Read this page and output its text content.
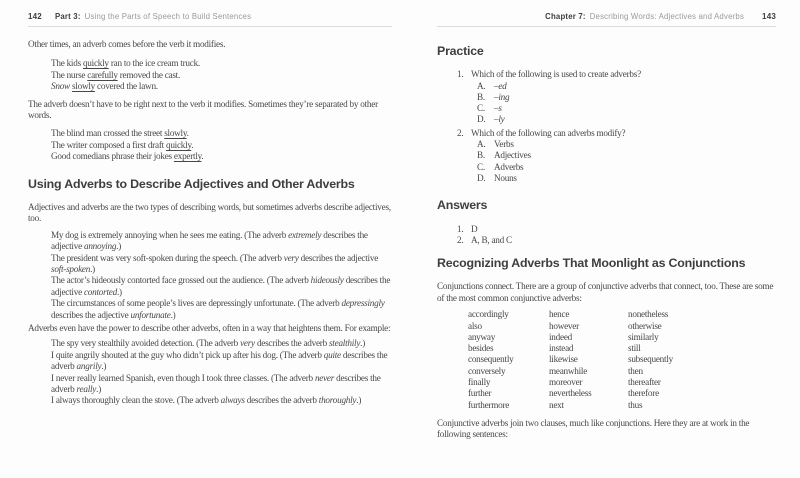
142 Part 3: Using the Parts of Speech to Build Sentences

Other times, an adverb comes before the verb it modifies.

The kids quickly ran to the ice cream truck.
The nurse carefully removed the cast.
Snow slowly covered the lawn.

The adverb doesn’t have to be right next to the verb it modifies. Sometimes they’re separated by other words.

The blind man crossed the street slowly.
The writer composed a first draft quickly.
Good comedians phrase their jokes expertly.
Using Adverbs to Describe Adjectives and Other Adverbs

Adjectives and adverbs are the two types of describing words, but sometimes adverbs describe adjectives, too.

My dog is extremely annoying when he sees me eating. (The adverb extremely describes the adjective annoying.)
The president was very soft-spoken during the speech. (The adverb very describes the adjective soft-spoken.)
The actor’s hideously contorted face grossed out the audience. (The adverb hideously describes the adjective contorted.)
The circumstances of some people’s lives are depressingly unfortunate. (The adverb depressingly describes the adjective unfortunate.)

Adverbs even have the power to describe other adverbs, often in a way that heightens them. For example:

The spy very stealthily avoided detection. (The adverb very describes the adverb stealthily.)
I quite angrily shouted at the guy who didn’t pick up after his dog. (The adverb quite describes the adverb angrily.)
I never really learned Spanish, even though I took three classes. (The adverb never describes the adverb really.)
I always thoroughly clean the stove. (The adverb always describes the adverb thoroughly.)
Chapter 7: Describing Words: Adjectives and Adverbs 143
Practice
1. Which of the following is used to create adverbs?
A. –ed
B. –ing
C. –s
D. –ly
2. Which of the following can adverbs modify?
A. Verbs
B. Adjectives
C. Adverbs
D. Nouns
Answers
1. D
2. A, B, and C
Recognizing Adverbs That Moonlight as Conjunctions

Conjunctions connect. There are a group of conjunctive adverbs that connect, too. These are some of the most common conjunctive adverbs:

accordingly
also
anyway
besides
consequently
conversely
finally
further
furthermore
hence
however
indeed
instead
likewise
meanwhile
moreover
nevertheless
next
nonetheless
otherwise
similarly
still
subsequently
then
thereafter
therefore
thus

Conjunctive adverbs join two clauses, much like conjunctions. Here they are at work in the following sentences:
